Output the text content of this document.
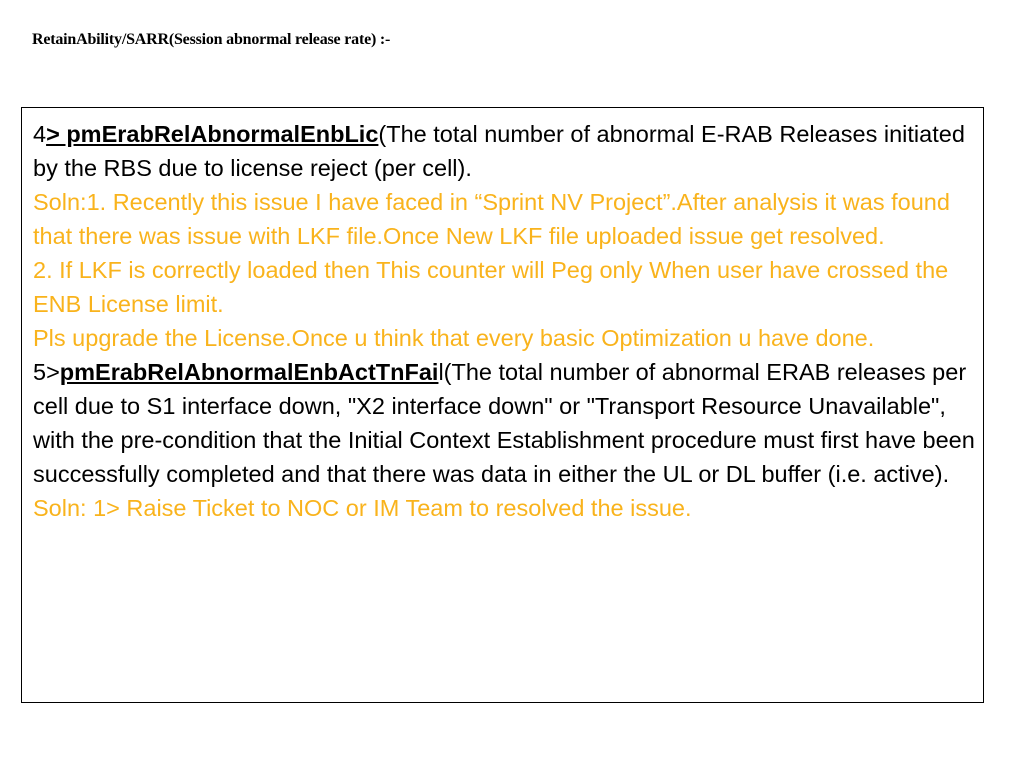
RetainAbility/SARR(Session abnormal release rate) :-

4> pmErabRelAbnormalEnbLic(The total number of abnormal E-RAB Releases initiated by the RBS due to license reject (per cell).

Soln:1. Recently this issue I have faced in “Sprint NV Project”.After analysis it was found that there was issue with LKF file.Once New LKF file uploaded issue get resolved.

2. If LKF is correctly loaded then This counter will Peg only When user have crossed the ENB License limit.

Pls upgrade the License.Once u think that every basic Optimization u have done.

5>pmErabRelAbnormalEnbActTnFail(The total number of abnormal ERAB releases per cell due to S1 interface down, "X2 interface down" or "Transport Resource Unavailable", with the pre-condition that the Initial Context Establishment procedure must first have been successfully completed and that there was data in either the UL or DL buffer (i.e. active).

Soln: 1> Raise Ticket to NOC or IM Team to resolved the issue.
